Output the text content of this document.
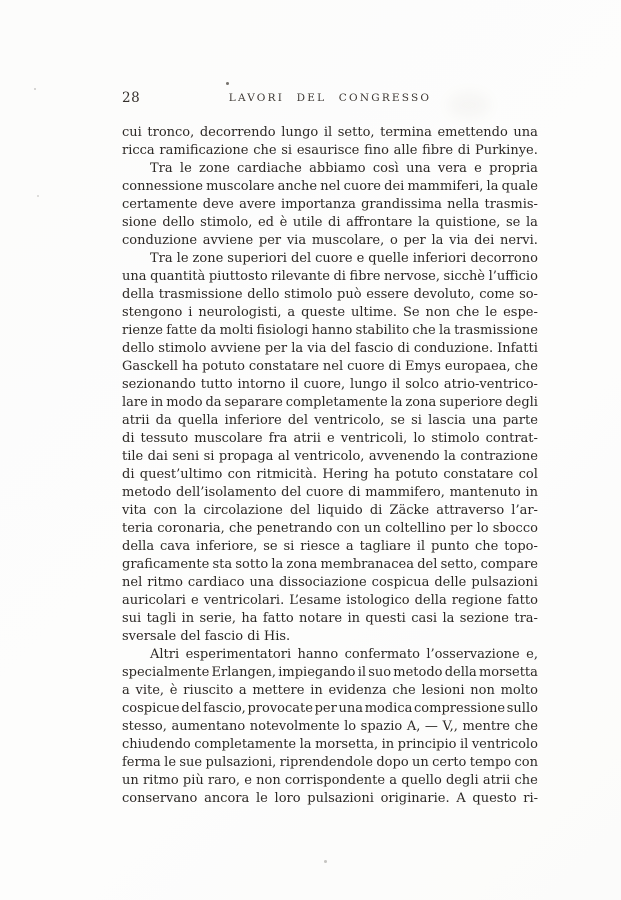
28	LAVORI DEL CONGRESSO
cui tronco, decorrendo lungo il setto, termina emettendo una
ricca ramificazione che si esaurisce fino alle fibre di Purkinye.
Tra le zone cardiache abbiamo così una vera e propria
connessione muscolare anche nel cuore dei mammiferi, la quale
certamente deve avere importanza grandissima nella trasmis-
sione dello stimolo, ed è utile di affrontare la quistione, se la
conduzione avviene per via muscolare, o per la via dei nervi.
Tra le zone superiori del cuore e quelle inferiori decorrono
una quantità piuttosto rilevante di fibre nervose, sicchè l’ufficio
della trasmissione dello stimolo può essere devoluto, come so-
stengono i neurologisti, a queste ultime. Se non che le espe-
rienze fatte da molti fisiologi hanno stabilito che la trasmissione
dello stimolo avviene per la via del fascio di conduzione. Infatti
Gasckell ha potuto constatare nel cuore di Emys europaea, che
sezionando tutto intorno il cuore, lungo il solco atrio-ventrico-
lare in modo da separare completamente la zona superiore degli
atrii da quella inferiore del ventricolo, se si lascia una parte
di tessuto muscolare fra atrii e ventricoli, lo stimolo contrat-
tile dai seni si propaga al ventricolo, avvenendo la contrazione
di quest’ultimo con ritmicità. Hering ha potuto constatare col
metodo dell’isolamento del cuore di mammifero, mantenuto in
vita con la circolazione del liquido di Zäcke attraverso l’ar-
teria coronaria, che penetrando con un coltellino per lo sbocco
della cava inferiore, se si riesce a tagliare il punto che topo-
graficamente sta sotto la zona membranacea del setto, compare
nel ritmo cardiaco una dissociazione cospicua delle pulsazioni
auricolari e ventricolari. L’esame istologico della regione fatto
sui tagli in serie, ha fatto notare in questi casi la sezione tra-
sversale del fascio di His.
Altri esperimentatori hanno confermato l’osservazione e,
specialmente Erlangen, impiegando il suo metodo della morsetta
a vite, è riuscito a mettere in evidenza che lesioni non molto
cospicue del fascio, provocate per una modica compressione sullo
stesso, aumentano notevolmente lo spazio A, — V,, mentre che
chiudendo completamente la morsetta, in principio il ventricolo
ferma le sue pulsazioni, riprendendole dopo un certo tempo con
un ritmo più raro, e non corrispondente a quello degli atrii che
conservano ancora le loro pulsazioni originarie. A questo ri-
